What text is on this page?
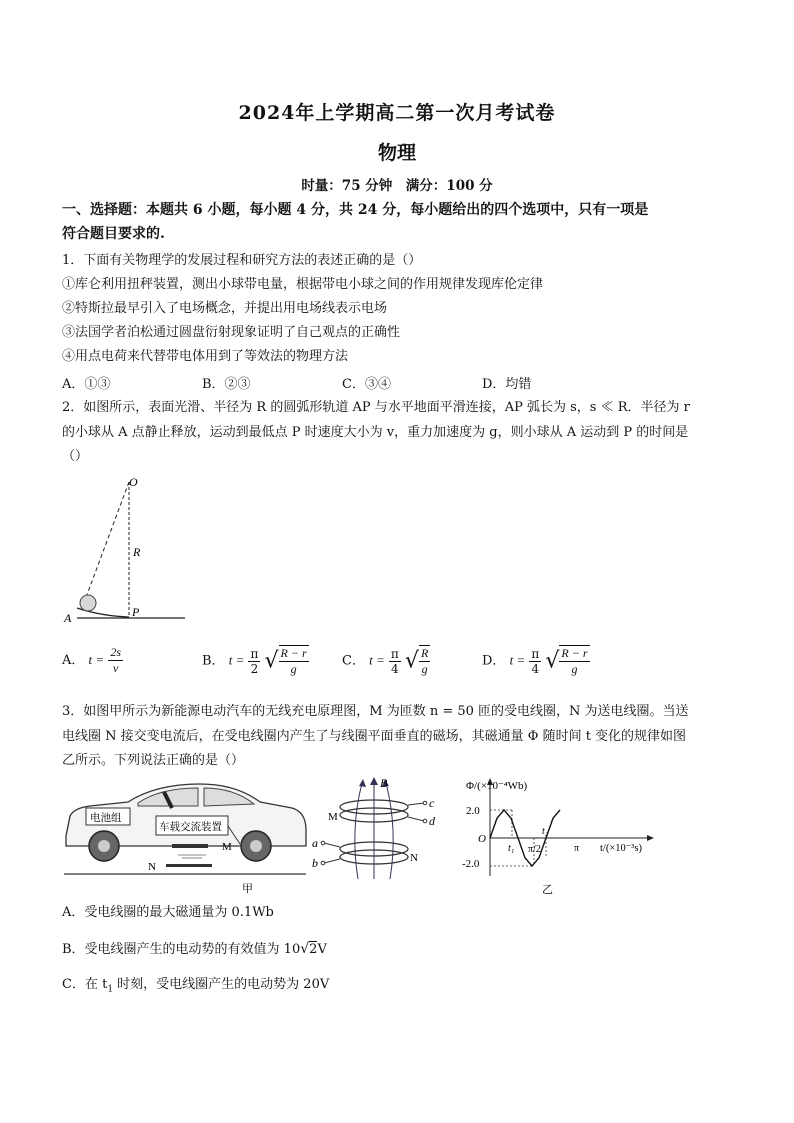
2024年上学期高二第一次月考试卷
物理
时量：75 分钟　满分：100 分
一、选择题：本题共 6 小题，每小题 4 分，共 24 分，每小题给出的四个选项中，只有一项是
符合题目要求的.
1．下面有关物理学的发展过程和研究方法的表述正确的是（）
①库仑利用扭秤装置，测出小球带电量，根据带电小球之间的作用规律发现库伦定律
②特斯拉最早引入了电场概念，并提出用电场线表示电场
③法国学者泊松通过圆盘衍射现象证明了自己观点的正确性
④用点电荷来代替带电体用到了等效法的物理方法
A．①③	B．②③	C．③④	D．均错
2．如图所示，表面光滑、半径为 R 的圆弧形轨道 AP 与水平地面平滑连接，AP 弧长为 s，s ≪ R．半径为 r
的小球从 A 点静止释放，运动到最低点 P 时速度大小为 v，重力加速度为 g，则小球从 A 运动到 P 的时间是
（）
O
R
A	P
A． $t = \frac{2s}{v}$	B． $t = \frac{\pi}{2}$ √ $\frac{R - r}{g}$	C． $t = \frac{\pi}{4}$ √ $\frac{R}{g}$	D． $t = \frac{\pi}{4}$ √ $\frac{R - r}{g}$
3．如图甲所示为新能源电动汽车的无线充电原理图，M 为匝数 n = 50 匝的受电线圈，N 为送电线圈。当送
电线圈 N 接交变电流后，在受电线圈内产生了与线圈平面垂直的磁场，其磁通量 Φ 随时间 t 变化的规律如图
乙所示。下列说法正确的是（）
电池组
车载交流装置
M
N
甲
B
c
d
M
a
b	N
Φ/(×10⁻⁴Wb)
t/(×10⁻³s)
2.0
O
-2.0
t₁ π/2
t₂
π
乙
A．受电线圈的最大磁通量为 0.1Wb
B．受电线圈产生的电动势的有效值为 10√2V
C．在 $t_1$ 时刻，受电线圈产生的电动势为 20V
